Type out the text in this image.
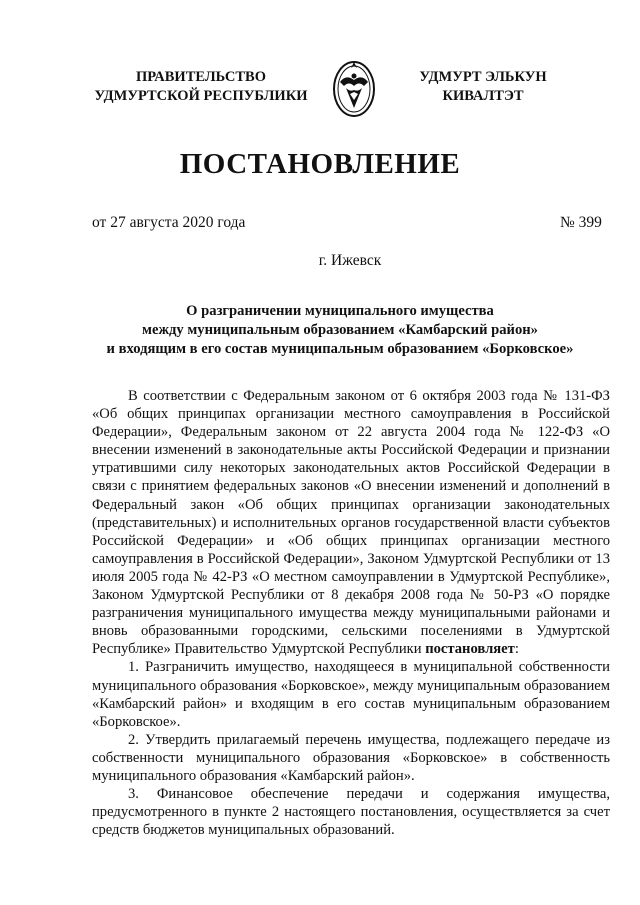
ПРАВИТЕЛЬСТВО
УДМУРТСКОЙ РЕСПУБЛИКИ
УДМУРТ ЭЛЬКУН
КИВАЛТЭТ
ПОСТАНОВЛЕНИЕ
от 27 августа 2020 года	№ 399
г. Ижевск
О разграничении муниципального имущества
между муниципальным образованием «Камбарский район»
и входящим в его состав муниципальным образованием «Борковское»

В соответствии с Федеральным законом от 6 октября 2003 года № 131-ФЗ «Об общих принципах организации местного самоуправления в Российской Федерации», Федеральным законом от 22 августа 2004 года № 122-ФЗ «О внесении изменений в законодательные акты Российской Федерации и признании утратившими силу некоторых законодательных актов Российской Федерации в связи с принятием федеральных законов «О внесении изменений и дополнений в Федеральный закон «Об общих принципах организации законодательных (представительных) и исполнительных органов государственной власти субъектов Российской Федерации» и «Об общих принципах организации местного самоуправления в Российской Федерации», Законом Удмуртской Республики от 13 июля 2005 года № 42-РЗ «О местном самоуправлении в Удмуртской Республике», Законом Удмуртской Республики от 8 декабря 2008 года № 50-РЗ «О порядке разграничения муниципального имущества между муниципальными районами и вновь образованными городскими, сельскими поселениями в Удмуртской Республике» Правительство Удмуртской Республики постановляет:

1. Разграничить имущество, находящееся в муниципальной собственности муниципального образования «Борковское», между муниципальным образованием «Камбарский район» и входящим в его состав муниципальным образованием «Борковское».

2. Утвердить прилагаемый перечень имущества, подлежащего передаче из собственности муниципального образования «Борковское» в собственность муниципального образования «Камбарский район».

3. Финансовое обеспечение передачи и содержания имущества, предусмотренного в пункте 2 настоящего постановления, осуществляется за счет средств бюджетов муниципальных образований.
